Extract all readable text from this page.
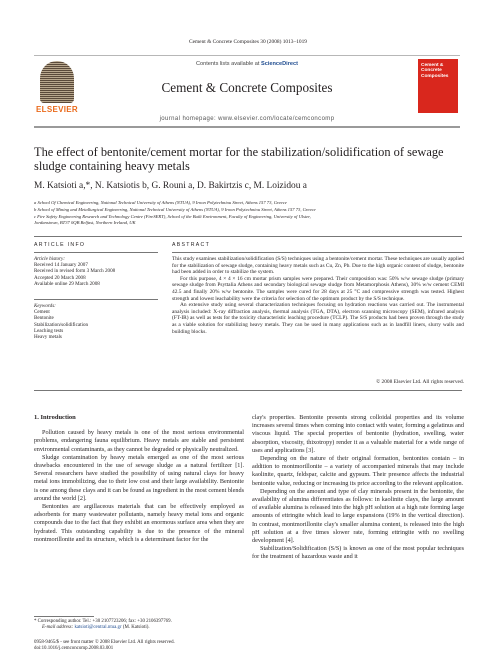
Cement & Concrete Composites 30 (2008) 1013–1019
ELSEVIER
Contents lists available at ScienceDirect
Cement & Concrete Composites
Cement & Concrete Composites
journal homepage: www.elsevier.com/locate/cemconcomp
The effect of bentonite/cement mortar for the stabilization/solidification of sewage sludge containing heavy metals
M. Katsioti a,*, N. Katsiotis b, G. Rouni a, D. Bakirtzis c, M. Loizidou a
a School Of Chemical Engineering, National Technical University of Athens (NTUA), 9 Iroon Polytechniou Street, Athens 157 73, Greece
b School of Mining and Metallurgical Engineering, National Technical University of Athens (NTUA), 9 Iroon Polytechniou Street, Athens 157 73, Greece
c Fire Safety Engineering Research and Technology Centre (FireSERT), School of the Built Environment, Faculty of Engineering, University of Ulster,
Jordanstown, BT37 0QB Belfast, Northern Ireland, UK
ARTICLE INFO	ABSTRACT
Article history:
Received 14 January 2007
Received in revised form 3 March 2008
Accepted 20 March 2008
Available online 29 March 2008
Keywords:
Cement
Bentonite
Stabilization/solidification
Leaching tests
Heavy metals

This study examines stabilization/solidification (S/S) techniques using a bentonite/cement mortar. These techniques are usually applied for the stabilization of sewage sludge, containing heavy metals such as Cu, Zn, Pb. Due to the high organic content of sludge, bentonite had been added in order to stabilize the system.

For this purpose, 4 × 4 × 16 cm mortar prism samples were prepared. Their composition was: 50% w/w sewage sludge (primary sewage sludge from Psyttalia Athens and secondary biological sewage sludge from Metamorphosis Athens), 30% w/w cement CEMI 42.5 and finally 20% w/w bentonite. The samples were cured for 28 days at 25 °C and compressive strength was tested. Highest strength and lowest leachability were the criteria for selection of the optimum product by the S/S technique.

An extensive study using several characterization techniques focusing on hydration reactions was carried out. The instrumental analysis included: X-ray diffraction analysis, thermal analysis (TGA, DTA), electron scanning microscopy (SEM), infrared analysis (FT-IR) as well as tests for the toxicity characteristic leaching procedure (TCLP). The S/S products had been proven through the study as a viable solution for stabilizing heavy metals. They can be used in many applications such as in landfill liners, slurry walls and building blocks.

© 2008 Elsevier Ltd. All rights reserved.
1. Introduction

Pollution caused by heavy metals is one of the most serious environmental problems, endangering fauna equilibrium. Heavy metals are stable and persistent environmental contaminants, as they cannot be degraded or physically neutralized.

Sludge contamination by heavy metals emerged as one of the most serious drawbacks encountered in the use of sewage sludge as a natural fertilizer [1]. Several researchers have studied the possibility of using natural clays for heavy metal ions immobilizing, due to their low cost and their large availability. Bentonite is one among these clays and it can be found as ingredient in the most cement blends around the world [2].

Bentonites are argillaceous materials that can be effectively employed as adsorbents for many wastewater pollutants, namely heavy metal ions and organic compounds due to the fact that they exhibit an enormous surface area when they are hydrated. This outstanding capability is due to the presence of the mineral montmorillonite and its structure, which is a determinant factor for the

clay's properties. Bentonite presents strong colloidal properties and its volume increases several times when coming into contact with water, forming a gelatinus and viscous liquid. The special properties of bentonite (hydration, swelling, water absorption, viscosity, thixotropy) render it as a valuable material for a wide range of uses and applications [3].

Depending on the nature of their original formation, bentonites contain – in addition to montmorillonite – a variety of accompanied minerals that may include kaolinite, quartz, feldspar, calcite and gypsum. Their presence affects the industrial bentonite value, reducing or increasing its price according to the relevant application.

Depending on the amount and type of clay minerals present in the bentonite, the availability of alumina differentiates as follows: in kaolinite clays, the large amount of available alumina is released into the high pH solution at a high rate forming large amounts of ettringite which lead to large expansions (19% in the vertical direction). In contrast, montmorillonite clay's smaller alumina content, is released into the high pH solution at a five times slower rate, forming ettringite with no swelling development [4].

Stabilization/Solidification (S/S) is known as one of the most popular techniques for the treatment of hazardous waste and it

* Corresponding author. Tel.: +30 2107723206; fax: +30 2106397769.
E-mail address: katsioti@central.ntua.gr (M. Katsioti).
0958-9465/$ - see front matter © 2008 Elsevier Ltd. All rights reserved.
doi:10.1016/j.cemconcomp.2008.03.001
